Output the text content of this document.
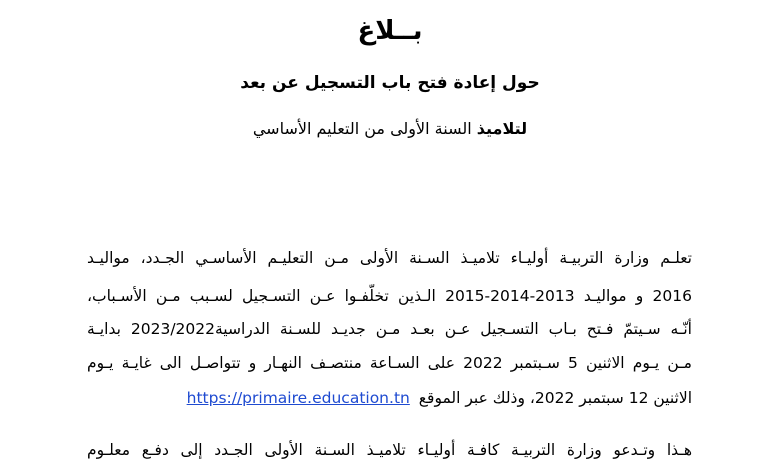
بــلاغ
حول إعادة فتح باب التسجيل عن بعد
لتلاميذ السنة الأولى من التعليم الأساسي
تعلـم وزارة التربيـة أوليـاء تلاميـذ السـنة الأولى مـن التعليـم الأساسـي الجـدد، مواليـد
2016 و مواليـد 2013-2014-2015 الـذين تخلّفـوا عـن التسـجيل لسـبب مـن الأسـباب،
أنّـه سـيتمّ فـتح بـاب التسـجيل عـن بعـد مـن جديـد للسـنة الدراسية2023/2022 بدايـة
مـن يـوم الاثنين 5 سـبتمبر 2022 على السـاعة منتصـف النهـار و تتواصـل الى غايـة يـوم
الاثنين 12 سبتمبر 2022، وذلك عبر الموقع https://primaire.education.tn
هـذا وتـدعو وزارة التربيـة كافـة أوليـاء تلاميـذ السـنة الأولى الجـدد إلى دفـع معلـوم
